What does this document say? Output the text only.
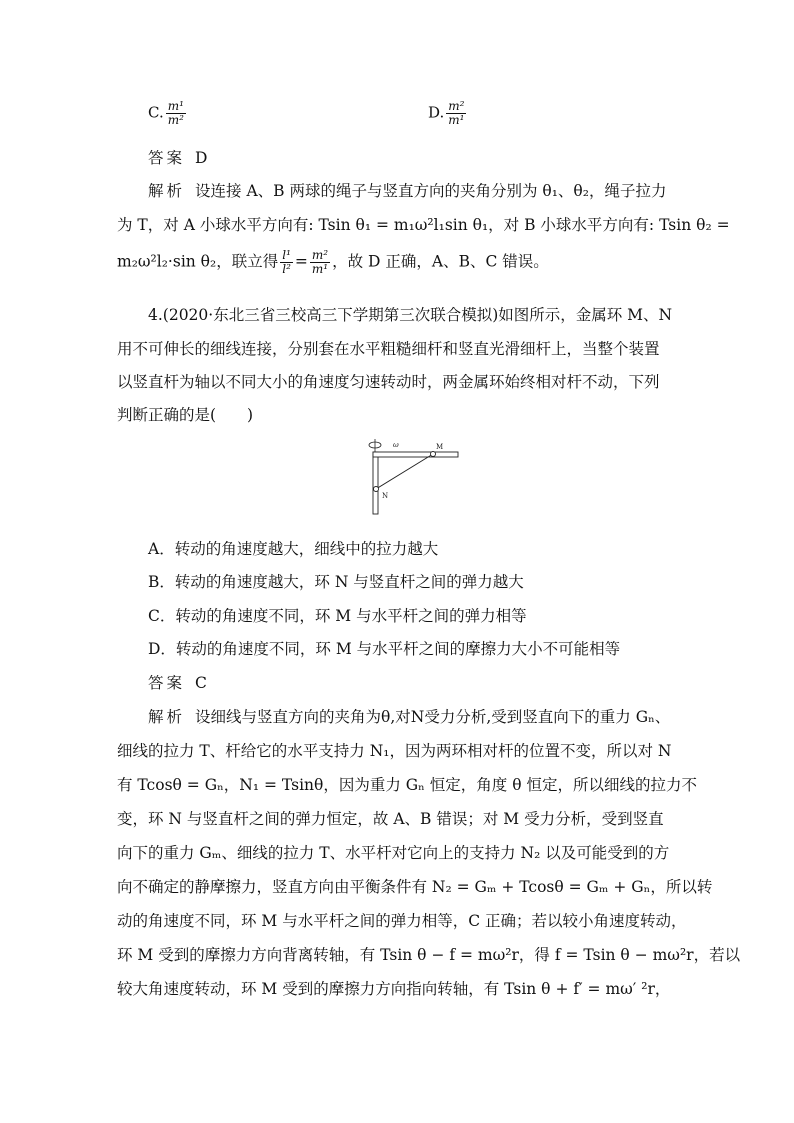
C. $\frac{\text{m¹}}{\text{m²}}$	D. $\frac{\text{m²}}{\text{m¹}}$
答案 D
解析 设连接 A、B 两球的绳子与竖直方向的夹角分别为 θ₁、θ₂，绳子拉力
为 T，对 A 小球水平方向有: Tsin θ₁ = m₁ω²l₁sin θ₁，对 B 小球水平方向有: Tsin θ₂ =
m₂ω²l₂·sin θ₂，联立得 $\frac{\text{l¹}}{\text{l²}} = \frac{\text{m²}}{\text{m¹}}$ ，故 D 正确，A、B、C 错误。
4.(2020·东北三省三校高三下学期第三次联合模拟)如图所示，金属环 M、N
用不可伸长的细线连接，分别套在水平粗糙细杆和竖直光滑细杆上，当整个装置
以竖直杆为轴以不同大小的角速度匀速转动时，两金属环始终相对杆不动，下列
判断正确的是(　　)
ω	M
N
A．转动的角速度越大，细线中的拉力越大
B．转动的角速度越大，环 N 与竖直杆之间的弹力越大
C．转动的角速度不同，环 M 与水平杆之间的弹力相等
D．转动的角速度不同，环 M 与水平杆之间的摩擦力大小不可能相等
答案 C
解析 设细线与竖直方向的夹角为θ,对N受力分析,受到竖直向下的重力 Gₙ、
细线的拉力 T、杆给它的水平支持力 N₁，因为两环相对杆的位置不变，所以对 N
有 Tcosθ = Gₙ，N₁ = Tsinθ，因为重力 Gₙ 恒定，角度 θ 恒定，所以细线的拉力不
变，环 N 与竖直杆之间的弹力恒定，故 A、B 错误；对 M 受力分析，受到竖直
向下的重力 Gₘ、细线的拉力 T、水平杆对它向上的支持力 N₂ 以及可能受到的方
向不确定的静摩擦力，竖直方向由平衡条件有 N₂ = Gₘ + Tcosθ = Gₘ + Gₙ，所以转
动的角速度不同，环 M 与水平杆之间的弹力相等，C 正确；若以较小角速度转动，
环 M 受到的摩擦力方向背离转轴，有 Tsin θ − f = mω²r，得 f = Tsin θ − mω²r，若以
较大角速度转动，环 M 受到的摩擦力方向指向转轴，有 Tsin θ + f′ = mω′ ²r，
